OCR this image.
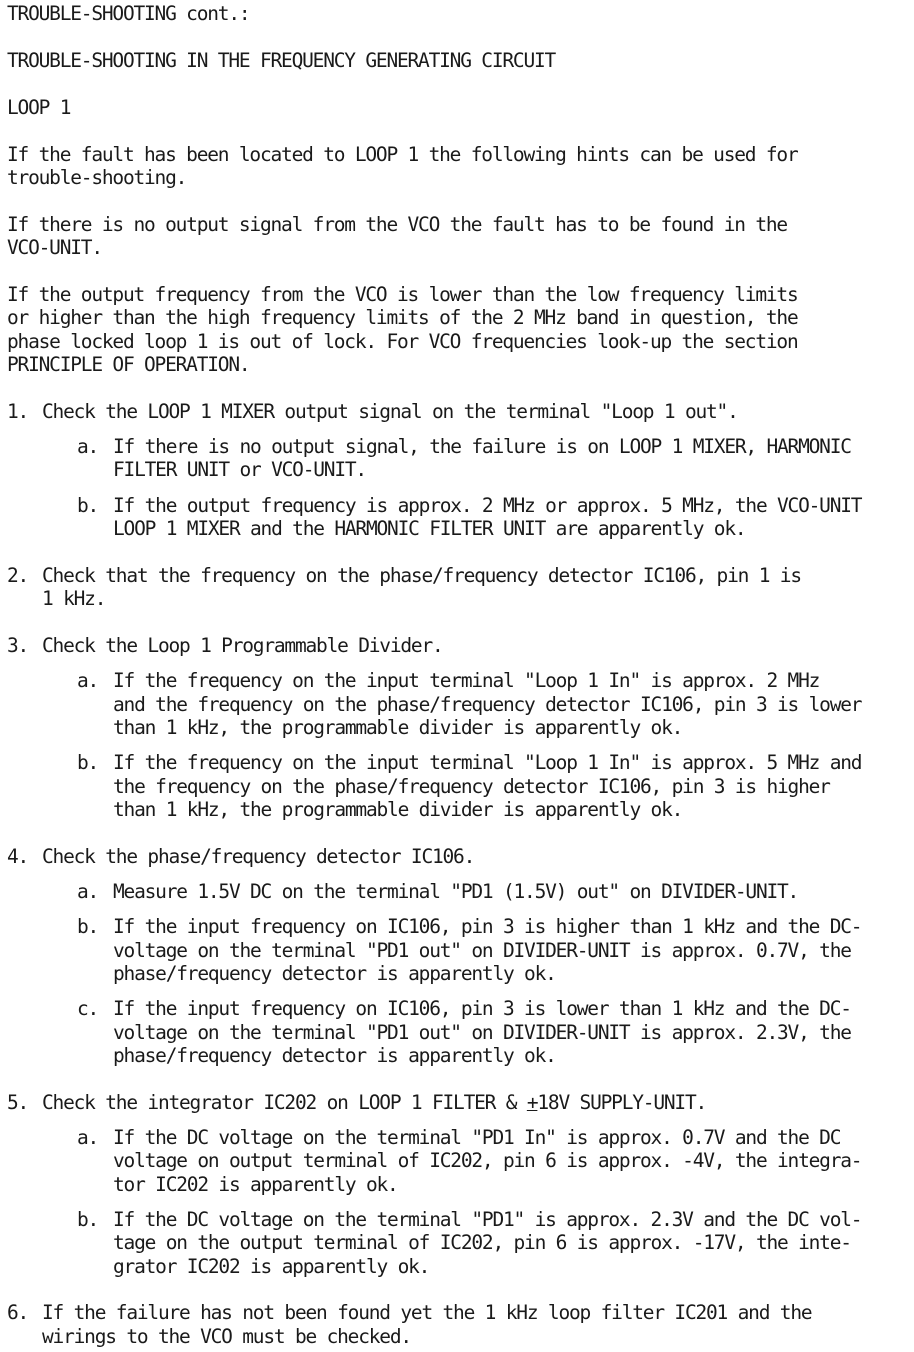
TROUBLE-SHOOTING cont.:
TROUBLE-SHOOTING IN THE FREQUENCY GENERATING CIRCUIT
LOOP 1
If the fault has been located to LOOP 1 the following hints can be used for
trouble-shooting.
If there is no output signal from the VCO the fault has to be found in the
VCO-UNIT.
If the output frequency from the VCO is lower than the low frequency limits
or higher than the high frequency limits of the 2 MHz band in question, the
phase locked loop 1 is out of lock. For VCO frequencies look-up the section
PRINCIPLE OF OPERATION.
1. Check the LOOP 1 MIXER output signal on the terminal "Loop 1 out".
a. If there is no output signal, the failure is on LOOP 1 MIXER, HARMONIC
FILTER UNIT or VCO-UNIT.
b. If the output frequency is approx. 2 MHz or approx. 5 MHz, the VCO-UNIT
LOOP 1 MIXER and the HARMONIC FILTER UNIT are apparently ok.
2. Check that the frequency on the phase/frequency detector IC106, pin 1 is
1 kHz.
3. Check the Loop 1 Programmable Divider.
a. If the frequency on the input terminal "Loop 1 In" is approx. 2 MHz
and the frequency on the phase/frequency detector IC106, pin 3 is lower
than 1 kHz, the programmable divider is apparently ok.
b. If the frequency on the input terminal "Loop 1 In" is approx. 5 MHz and
the frequency on the phase/frequency detector IC106, pin 3 is higher
than 1 kHz, the programmable divider is apparently ok.
4. Check the phase/frequency detector IC106.
a. Measure 1.5V DC on the terminal "PD1 (1.5V) out" on DIVIDER-UNIT.
b. If the input frequency on IC106, pin 3 is higher than 1 kHz and the DC-
voltage on the terminal "PD1 out" on DIVIDER-UNIT is approx. 0.7V, the
phase/frequency detector is apparently ok.
c. If the input frequency on IC106, pin 3 is lower than 1 kHz and the DC-
voltage on the terminal "PD1 out" on DIVIDER-UNIT is approx. 2.3V, the
phase/frequency detector is apparently ok.
5. Check the integrator IC202 on LOOP 1 FILTER & +18V SUPPLY-UNIT.
a. If the DC voltage on the terminal "PD1 In" is approx. 0.7V and the DC
voltage on output terminal of IC202, pin 6 is approx. -4V, the integra-
tor IC202 is apparently ok.
b. If the DC voltage on the terminal "PD1" is approx. 2.3V and the DC vol-
tage on the output terminal of IC202, pin 6 is approx. -17V, the inte-
grator IC202 is apparently ok.
6. If the failure has not been found yet the 1 kHz loop filter IC201 and the
wirings to the VCO must be checked.
